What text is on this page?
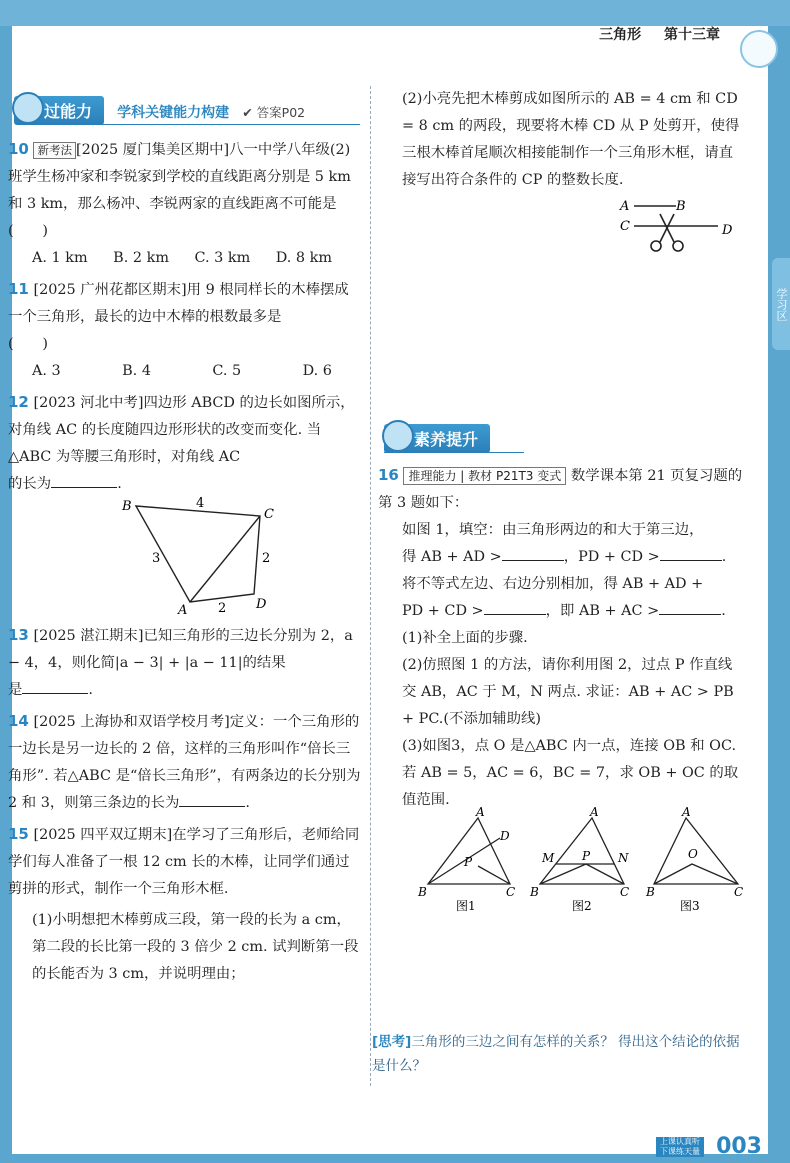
三角形 第十三章
学习区
过能力 学科关键能力构建 ✔ 答案P02

10 新考法 [2025 厦门集美区期中]八一中学八年级(2)班学生杨冲家和李锐家到学校的直线距离分别是 5 km 和 3 km，那么杨冲、李锐两家的直线距离不可能是　　(　　)

A. 1 km B. 2 km C. 3 km D. 8 km

11 [2025 广州花都区期末]用 9 根同样长的木棒摆成一个三角形，最长的边中木棒的根数最多是　　　　　　(　　)

A. 3	B. 4	C. 5	D. 6

12 [2023 河北中考]四边形 ABCD 的边长如图所示，对角线 AC 的长度随四边形形状的改变而变化. 当△ABC 为等腰三角形时，对角线 AC

的长为	.

B
C
A	D
4
3	2
2

13 [2025 湛江期末]已知三角形的三边长分别为 2，a − 4，4，则化简|a − 3| + |a − 11|的结果

是	.

14 [2025 上海协和双语学校月考]定义：一个三角形的一边长是另一边长的 2 倍，这样的三角形叫作“倍长三角形”. 若△ABC 是“倍长三角形”，有两条边的长分别为 2 和 3，则第三条边的长为	.

15 [2025 四平双辽期末]在学习了三角形后，老师给同学们每人准备了一根 12 cm 长的木棒，让同学们通过剪拼的形式，制作一个三角形木框.

(1)小明想把木棒剪成三段，第一段的长为 a cm，第二段的长比第一段的 3 倍少 2 cm. 试判断第一段的长能否为 3 cm，并说明理由；

(2)小亮先把木棒剪成如图所示的 AB = 4 cm 和 CD = 8 cm 的两段，现要将木棒 CD 从 P 处剪开，使得三根木棒首尾顺次相接能制作一个三角形木框，请直接写出符合条件的 CP 的整数长度.

A	B
C	D
素养提升

16 推理能力 | 教材 P21T3 变式 数学课本第 21 页复习题的第 3 题如下：

如图 1，填空：由三角形两边的和大于第三边，

得 AB + AD >	，PD + CD >	.

将不等式左边、右边分别相加，得 AB + AD +

PD + CD >	，即 AB + AC >	.

(1)补全上面的步骤.

(2)仿照图 1 的方法，请你利用图 2，过点 P 作直线交 AB，AC 于 M，N 两点. 求证：AB + AC > PB + PC.(不添加辅助线)

(3)如图3，点 O 是△ABC 内一点，连接 OB 和 OC. 若 AB = 5，AC = 6，BC = 7，求 OB + OC 的取值范围.

A
B	C
D
P
A
B	C
M	N
P
A
B	C
O
图1	图2	图3
[思考]三角形的三边之间有怎样的关系？ 得出这个结论的依据是什么？
上课认真听 下课练天量 003
